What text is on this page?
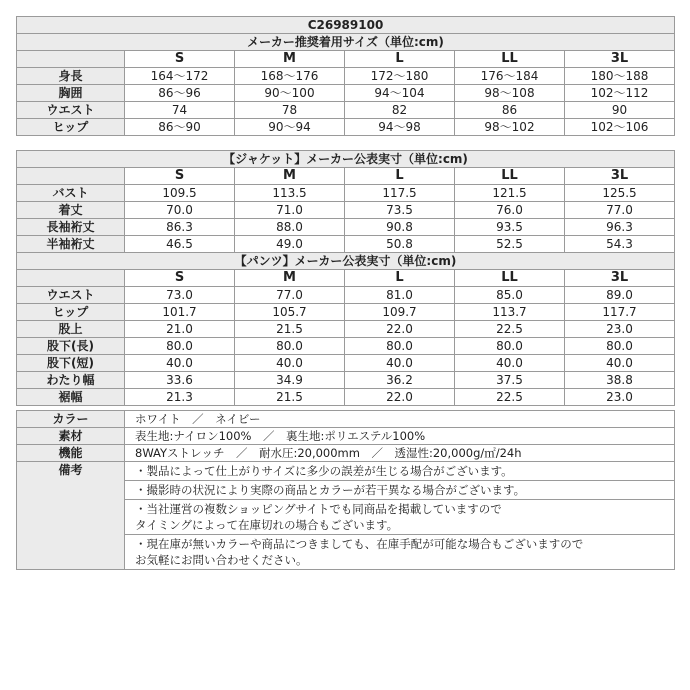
C26989100					
メーカー推奨着用サイズ（単位:cm)					
	S	M	L	LL	3L
身長	164～172	168～176	172～180	176～184	180～188
胸囲	86～96	90～100	94～104	98～108	102～112
ウエスト	74	78	82	86	90
ヒップ	86～90	90～94	94～98	98～102	102～106
【ジャケット】メーカー公表実寸（単位:cm)					
	S	M	L	LL	3L
バスト	109.5	113.5	117.5	121.5	125.5
着丈	70.0	71.0	73.5	76.0	77.0
長袖裄丈	86.3	88.0	90.8	93.5	96.3
半袖裄丈	46.5	49.0	50.8	52.5	54.3
【パンツ】メーカー公表実寸（単位:cm)					
	S	M	L	LL	3L
ウエスト	73.0	77.0	81.0	85.0	89.0
ヒップ	101.7	105.7	109.7	113.7	117.7
股上	21.0	21.5	22.0	22.5	23.0
股下(長)	80.0	80.0	80.0	80.0	80.0
股下(短)	40.0	40.0	40.0	40.0	40.0
わたり幅	33.6	34.9	36.2	37.5	38.8
裾幅	21.3	21.5	22.0	22.5	23.0
カラー	ホワイト　／　ネイビー
素材	表生地:ナイロン100%　／　裏生地:ポリエステル100%
機能	8WAYストレッチ　／　耐水圧:20,000mm　／　透湿性:20,000g/㎡/24h
備考	・製品によって仕上がりサイズに多少の誤差が生じる場合がございます。
	・撮影時の状況により実際の商品とカラーが若干異なる場合がございます。
	・当社運営の複数ショッピングサイトでも同商品を掲載していますので
タイミングによって在庫切れの場合もございます。
	・現在庫が無いカラーや商品につきましても、在庫手配が可能な場合もございますので
お気軽にお問い合わせください。
